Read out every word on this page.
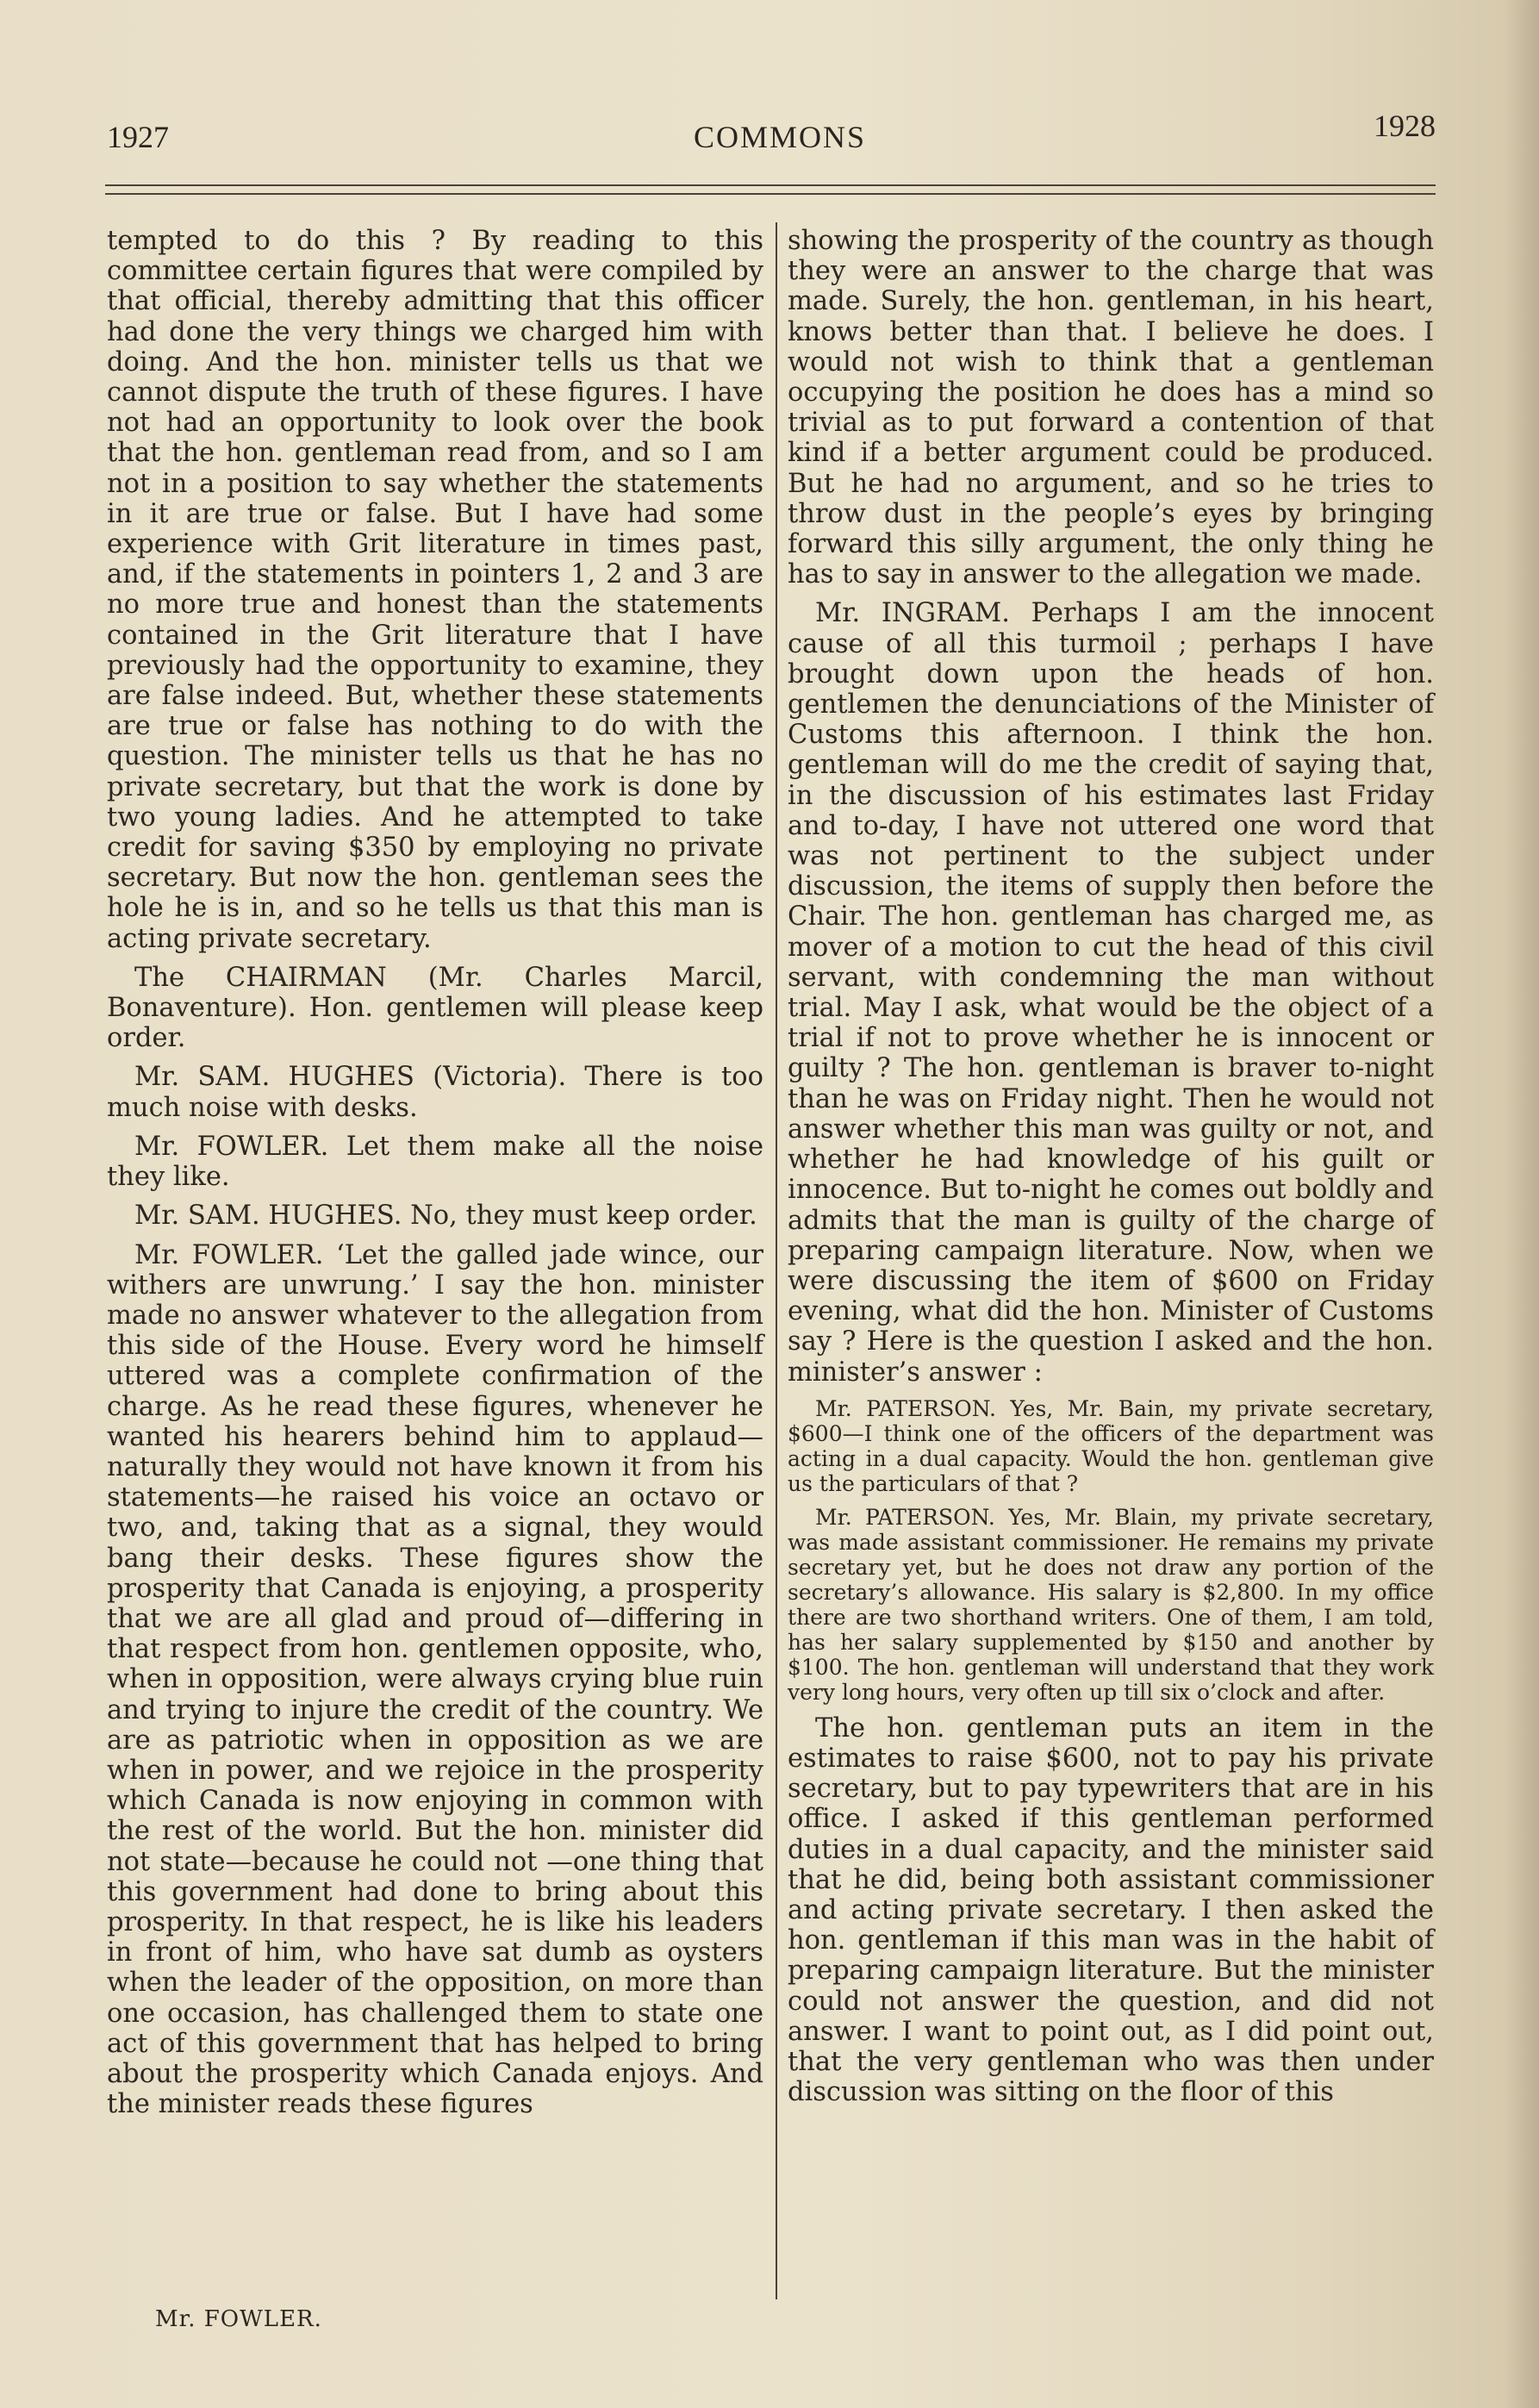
1927	COMMONS	1928

tempted to do this ? By reading to this committee certain figures that were compiled by that official, thereby admitting that this officer had done the very things we charged him with doing. And the hon. minister tells us that we cannot dispute the truth of these figures. I have not had an opportunity to look over the book that the hon. gentleman read from, and so I am not in a position to say whether the statements in it are true or false. But I have had some experience with Grit literature in times past, and, if the statements in pointers 1, 2 and 3 are no more true and honest than the statements contained in the Grit literature that I have previously had the opportunity to examine, they are false indeed. But, whether these statements are true or false has nothing to do with the question. The minister tells us that he has no private secretary, but that the work is done by two young ladies. And he attempted to take credit for saving $350 by employing no private secretary. But now the hon. gentleman sees the hole he is in, and so he tells us that this man is acting private secretary.

The CHAIRMAN (Mr. Charles Marcil, Bonaventure). Hon. gentlemen will please keep order.

Mr. SAM. HUGHES (Victoria). There is too much noise with desks.

Mr. FOWLER. Let them make all the noise they like.

Mr. SAM. HUGHES. No, they must keep order.

Mr. FOWLER. ‘Let the galled jade wince, our withers are unwrung.’ I say the hon. minister made no answer whatever to the allegation from this side of the House. Every word he himself uttered was a complete confirmation of the charge. As he read these figures, whenever he wanted his hearers behind him to applaud—naturally they would not have known it from his statements—he raised his voice an octavo or two, and, taking that as a signal, they would bang their desks. These figures show the prosperity that Canada is enjoying, a prosperity that we are all glad and proud of—differing in that respect from hon. gentlemen opposite, who, when in opposition, were always crying blue ruin and trying to injure the credit of the country. We are as patriotic when in opposition as we are when in power, and we rejoice in the prosperity which Canada is now enjoying in common with the rest of the world. But the hon. minister did not state—because he could not —one thing that this government had done to bring about this prosperity. In that respect, he is like his leaders in front of him, who have sat dumb as oysters when the leader of the opposition, on more than one occasion, has challenged them to state one act of this government that has helped to bring about the prosperity which Canada enjoys. And the minister reads these figures

showing the prosperity of the country as though they were an answer to the charge that was made. Surely, the hon. gentleman, in his heart, knows better than that. I believe he does. I would not wish to think that a gentleman occupying the position he does has a mind so trivial as to put forward a contention of that kind if a better argument could be produced. But he had no argument, and so he tries to throw dust in the people’s eyes by bringing forward this silly argument, the only thing he has to say in answer to the allegation we made.

Mr. INGRAM. Perhaps I am the innocent cause of all this turmoil ; perhaps I have brought down upon the heads of hon. gentlemen the denunciations of the Minister of Customs this afternoon. I think the hon. gentleman will do me the credit of saying that, in the discussion of his estimates last Friday and to-day, I have not uttered one word that was not pertinent to the subject under discussion, the items of supply then before the Chair. The hon. gentleman has charged me, as mover of a motion to cut the head of this civil servant, with condemning the man without trial. May I ask, what would be the object of a trial if not to prove whether he is innocent or guilty ? The hon. gentleman is braver to-night than he was on Friday night. Then he would not answer whether this man was guilty or not, and whether he had knowledge of his guilt or innocence. But to-night he comes out boldly and admits that the man is guilty of the charge of preparing campaign literature. Now, when we were discussing the item of $600 on Friday evening, what did the hon. Minister of Customs say ? Here is the question I asked and the hon. minister’s answer :

Mr. PATERSON. Yes, Mr. Bain, my private secretary, $600—I think one of the officers of the department was acting in a dual capacity. Would the hon. gentleman give us the particulars of that ?

Mr. PATERSON. Yes, Mr. Blain, my private secretary, was made assistant commissioner. He remains my private secretary yet, but he does not draw any portion of the secretary’s allowance. His salary is $2,800. In my office there are two shorthand writers. One of them, I am told, has her salary supplemented by $150 and another by $100. The hon. gentleman will understand that they work very long hours, very often up till six o’clock and after.

The hon. gentleman puts an item in the estimates to raise $600, not to pay his private secretary, but to pay typewriters that are in his office. I asked if this gentleman performed duties in a dual capacity, and the minister said that he did, being both assistant commissioner and acting private secretary. I then asked the hon. gentleman if this man was in the habit of preparing campaign literature. But the minister could not answer the question, and did not answer. I want to point out, as I did point out, that the very gentleman who was then under discussion was sitting on the floor of this

Mr. FOWLER.
